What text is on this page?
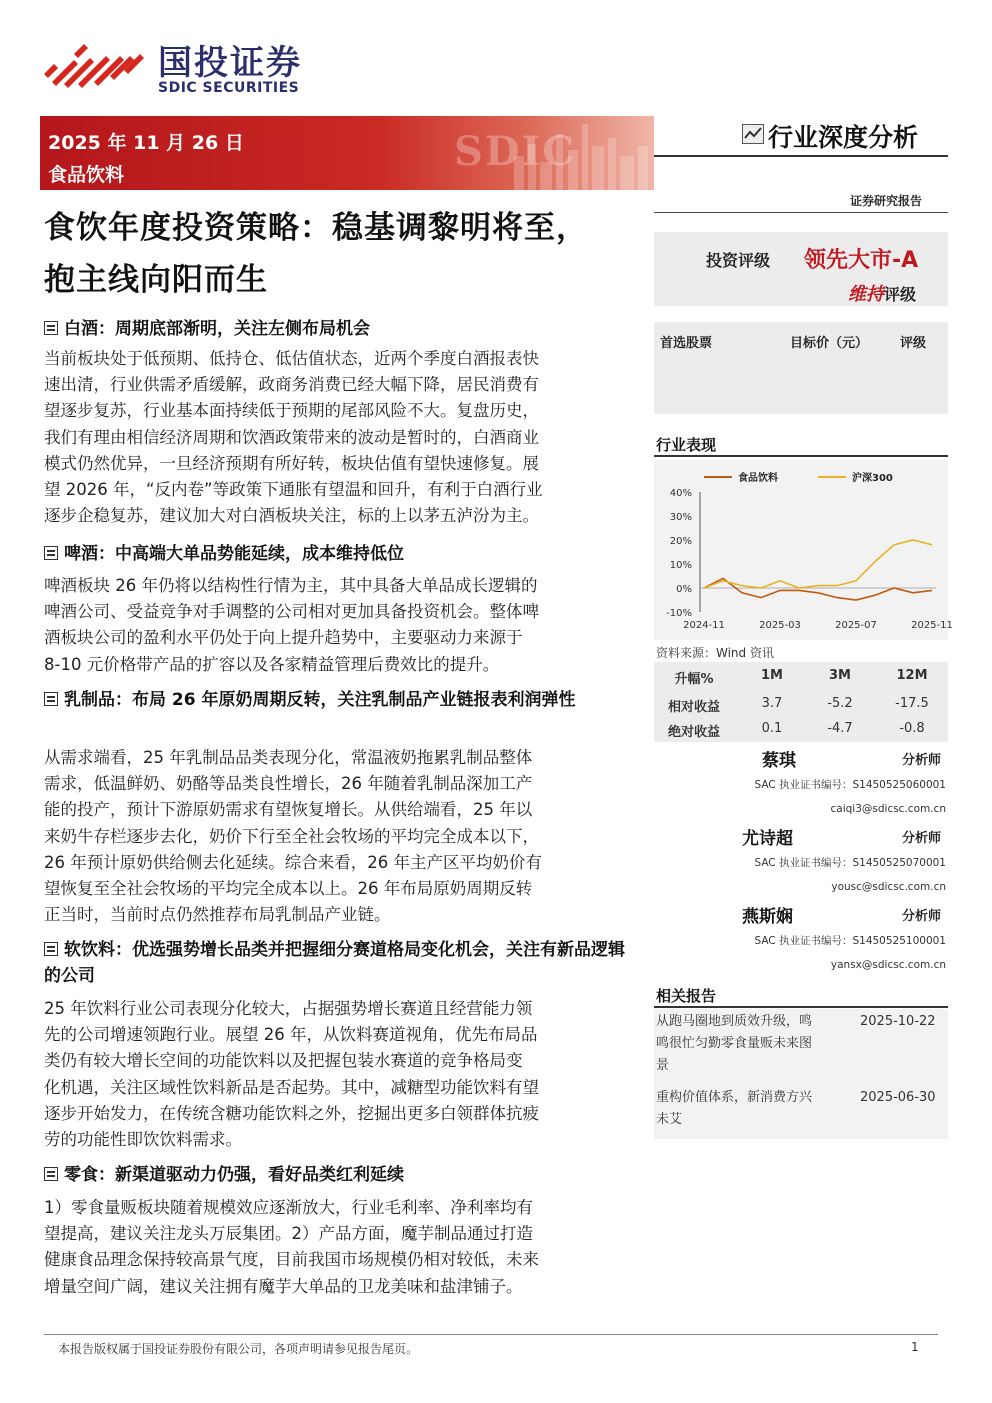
国投证券
SDIC SECURITIES
2025 年 11 月 26 日
食品饮料	SDIC	行业深度分析
证券研究报告
食饮年度投资策略：稳基调黎明将至，
抱主线向阳而生
投资评级 领先大市-A
维持评级
首选股票	目标价（元） 评级
行业表现
食品饮料	沪深300
40%
30%
20%
10%
0%
-10%
2024-11	2025-03	2025-07	2025-11
资料来源：Wind 资讯
升幅%	1M	3M	12M
相对收益	3.7	-5.2	-17.5
绝对收益	0.1	-4.7	-0.8
蔡琪	分析师
SAC 执业证书编号：S1450525060001
caiqi3@sdicsc.com.cn
尤诗超	分析师
SAC 执业证书编号：S1450525070001
yousc@sdicsc.com.cn
燕斯娴	分析师
SAC 执业证书编号：S1450525100001
yansx@sdicsc.com.cn
相关报告
从跑马圈地到质效升级，鸣
鸣很忙匀勤零食量贩未来图
景
2025-10-22
重构价值体系，新消费方兴
未艾
2025-06-30
白酒：周期底部渐明，关注左侧布局机会
当前板块处于低预期、低持仓、低估值状态，近两个季度白酒报表快
速出清，行业供需矛盾缓解，政商务消费已经大幅下降，居民消费有
望逐步复苏，行业基本面持续低于预期的尾部风险不大。复盘历史，
我们有理由相信经济周期和饮酒政策带来的波动是暂时的，白酒商业
模式仍然优异，一旦经济预期有所好转，板块估值有望快速修复。展
望 2026 年，“反内卷”等政策下通胀有望温和回升，有利于白酒行业
逐步企稳复苏，建议加大对白酒板块关注，标的上以茅五泸汾为主。
啤酒：中高端大单品势能延续，成本维持低位
啤酒板块 26 年仍将以结构性行情为主，其中具备大单品成长逻辑的
啤酒公司、受益竞争对手调整的公司相对更加具备投资机会。整体啤
酒板块公司的盈利水平仍处于向上提升趋势中，主要驱动力来源于
8-10 元价格带产品的扩容以及各家精益管理后费效比的提升。
乳制品：布局 26 年原奶周期反转，关注乳制品产业链报表利润弹性
从需求端看，25 年乳制品品类表现分化，常温液奶拖累乳制品整体
需求，低温鲜奶、奶酪等品类良性增长，26 年随着乳制品深加工产
能的投产，预计下游原奶需求有望恢复增长。从供给端看，25 年以
来奶牛存栏逐步去化，奶价下行至全社会牧场的平均完全成本以下，
26 年预计原奶供给侧去化延续。综合来看，26 年主产区平均奶价有
望恢复至全社会牧场的平均完全成本以上。26 年布局原奶周期反转
正当时，当前时点仍然推荐布局乳制品产业链。
软饮料：优选强势增长品类并把握细分赛道格局变化机会，关注有新品逻辑的公司
25 年饮料行业公司表现分化较大，占据强势增长赛道且经营能力领
先的公司增速领跑行业。展望 26 年，从饮料赛道视角，优先布局品
类仍有较大增长空间的功能饮料以及把握包装水赛道的竞争格局变
化机遇，关注区域性饮料新品是否起势。其中，减糖型功能饮料有望
逐步开始发力，在传统含糖功能饮料之外，挖掘出更多白领群体抗疲
劳的功能性即饮饮料需求。
零食：新渠道驱动力仍强，看好品类红利延续
1）零食量贩板块随着规模效应逐渐放大，行业毛利率、净利率均有
望提高，建议关注龙头万辰集团。2）产品方面，魔芋制品通过打造
健康食品理念保持较高景气度，目前我国市场规模仍相对较低，未来
增量空间广阔，建议关注拥有魔芋大单品的卫龙美味和盐津铺子。
本报告版权属于国投证券股份有限公司，各项声明请参见报告尾页。	1
